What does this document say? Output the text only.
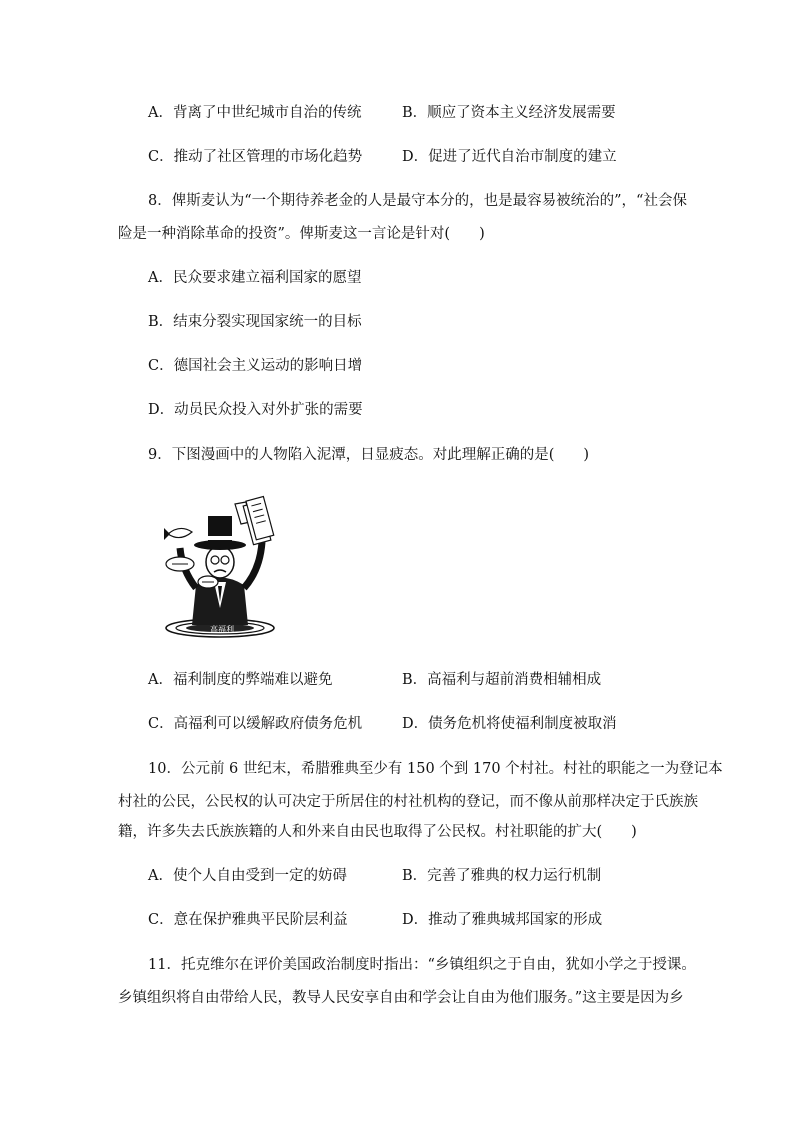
A．背离了中世纪城市自治的传统	B．顺应了资本主义经济发展需要
C．推动了社区管理的市场化趋势	D．促进了近代自治市制度的建立
8．俾斯麦认为“一个期待养老金的人是最守本分的，也是最容易被统治的”，“社会保
险是一种消除革命的投资”。俾斯麦这一言论是针对(　　)
A．民众要求建立福利国家的愿望
B．结束分裂实现国家统一的目标
C．德国社会主义运动的影响日增
D．动员民众投入对外扩张的需要
9．下图漫画中的人物陷入泥潭，日显疲态。对此理解正确的是(　　)
高福利
A．福利制度的弊端难以避免	B．高福利与超前消费相辅相成
C．高福利可以缓解政府债务危机	D．债务危机将使福利制度被取消
10．公元前 6 世纪末，希腊雅典至少有 150 个到 170 个村社。村社的职能之一为登记本
村社的公民，公民权的认可决定于所居住的村社机构的登记，而不像从前那样决定于氏族族
籍，许多失去氏族族籍的人和外来自由民也取得了公民权。村社职能的扩大(　　)
A．使个人自由受到一定的妨碍	B．完善了雅典的权力运行机制
C．意在保护雅典平民阶层利益	D．推动了雅典城邦国家的形成
11．托克维尔在评价美国政治制度时指出：“乡镇组织之于自由，犹如小学之于授课。
乡镇组织将自由带给人民，教导人民安享自由和学会让自由为他们服务。”这主要是因为乡
